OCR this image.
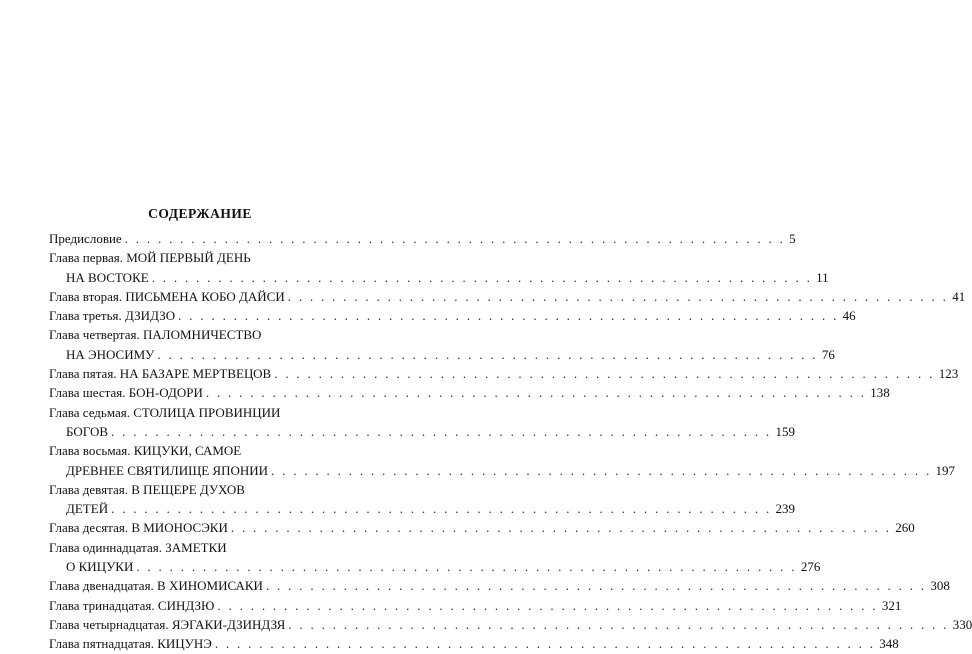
СОДЕРЖАНИЕ
Предисловие . . . . . . . . . . . . . . . . . . . . . . . . . . . . . . . . . . . . . . . . . . . . . . . . . . . . . . . . . . . . 5
Глава первая. МОЙ ПЕРВЫЙ ДЕНЬ
НА ВОСТОКЕ . . . . . . . . . . . . . . . . . . . . . . . . . . . . . . . . . . . . . . . . . . . . . . . . . . . . . . . . . . . . 11
Глава вторая. ПИСЬМЕНА КОБО ДАЙСИ . . . . . . . . . . . . . . . . . . . . . . . . . . . . . . . . . . . . . . . . . . . . . . . . . . . . . . . . . . . . 41
Глава третья. ДЗИДЗО . . . . . . . . . . . . . . . . . . . . . . . . . . . . . . . . . . . . . . . . . . . . . . . . . . . . . . . . . . . . 46
Глава четвертая. ПАЛОМНИЧЕСТВО
НА ЭНОСИМУ . . . . . . . . . . . . . . . . . . . . . . . . . . . . . . . . . . . . . . . . . . . . . . . . . . . . . . . . . . . . 76
Глава пятая. НА БАЗАРЕ МЕРТВЕЦОВ . . . . . . . . . . . . . . . . . . . . . . . . . . . . . . . . . . . . . . . . . . . . . . . . . . . . . . . . . . . . 123
Глава шестая. БОН-ОДОРИ . . . . . . . . . . . . . . . . . . . . . . . . . . . . . . . . . . . . . . . . . . . . . . . . . . . . . . . . . . . . 138
Глава седьмая. СТОЛИЦА ПРОВИНЦИИ
БОГОВ . . . . . . . . . . . . . . . . . . . . . . . . . . . . . . . . . . . . . . . . . . . . . . . . . . . . . . . . . . . . 159
Глава восьмая. КИЦУКИ, САМОЕ
ДРЕВНЕЕ СВЯТИЛИЩЕ ЯПОНИИ . . . . . . . . . . . . . . . . . . . . . . . . . . . . . . . . . . . . . . . . . . . . . . . . . . . . . . . . . . . . 197
Глава девятая. В ПЕЩЕРЕ ДУХОВ
ДЕТЕЙ . . . . . . . . . . . . . . . . . . . . . . . . . . . . . . . . . . . . . . . . . . . . . . . . . . . . . . . . . . . . 239
Глава десятая. В МИОНОСЭКИ . . . . . . . . . . . . . . . . . . . . . . . . . . . . . . . . . . . . . . . . . . . . . . . . . . . . . . . . . . . . 260
Глава одиннадцатая. ЗАМЕТКИ
О КИЦУКИ . . . . . . . . . . . . . . . . . . . . . . . . . . . . . . . . . . . . . . . . . . . . . . . . . . . . . . . . . . . . 276
Глава двенадцатая. В ХИНОМИСАКИ . . . . . . . . . . . . . . . . . . . . . . . . . . . . . . . . . . . . . . . . . . . . . . . . . . . . . . . . . . . . 308
Глава тринадцатая. СИНДЗЮ . . . . . . . . . . . . . . . . . . . . . . . . . . . . . . . . . . . . . . . . . . . . . . . . . . . . . . . . . . . . 321
Глава четырнадцатая. ЯЭГАКИ-ДЗИНДЗЯ . . . . . . . . . . . . . . . . . . . . . . . . . . . . . . . . . . . . . . . . . . . . . . . . . . . . . . . . . . . . 330
Глава пятнадцатая. КИЦУНЭ . . . . . . . . . . . . . . . . . . . . . . . . . . . . . . . . . . . . . . . . . . . . . . . . . . . . . . . . . . . . 348
